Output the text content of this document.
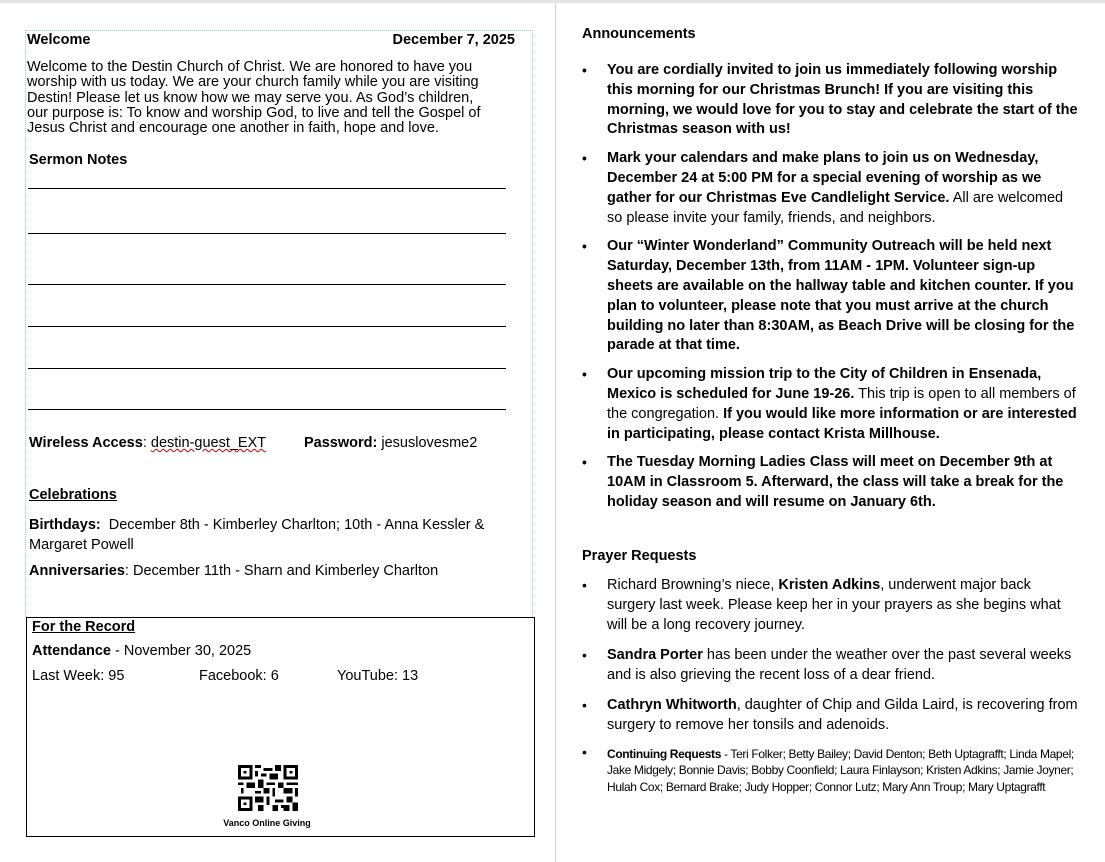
Welcome	December 7, 2025
Welcome to the Destin Church of Christ. We are honored to have you
worship with us today. We are your church family while you are visiting
Destin! Please let us know how we may serve you. As God’s children,
our purpose is: To know and worship God, to live and tell the Gospel of
Jesus Christ and encourage one another in faith, hope and love.
Sermon Notes
Wireless Access: destin-guest_EXT	Password: jesuslovesme2
Celebrations
Birthdays:  December 8th - Kimberley Charlton; 10th - Anna Kessler &
Margaret Powell
Anniversaries: December 11th - Sharn and Kimberley Charlton
For the Record
Attendance - November 30, 2025
Last Week: 95	Facebook: 6	YouTube: 13
Vanco Online Giving
Announcements
• You are cordially invited to join us immediately following worship this morning for our Christmas Brunch! If you are visiting this morning, we would love for you to stay and celebrate the start of the Christmas season with us!
• Mark your calendars and make plans to join us on Wednesday, December 24 at 5:00 PM for a special evening of worship as we gather for our Christmas Eve Candlelight Service. All are welcomed so please invite your family, friends, and neighbors.
• Our “Winter Wonderland” Community Outreach will be held next Saturday, December 13th, from 11AM - 1PM. Volunteer sign-up sheets are available on the hallway table and kitchen counter. If you plan to volunteer, please note that you must arrive at the church building no later than 8:30AM, as Beach Drive will be closing for the parade at that time.
• Our upcoming mission trip to the City of Children in Ensenada, Mexico is scheduled for June 19-26. This trip is open to all members of the congregation. If you would like more information or are interested in participating, please contact Krista Millhouse.
• The Tuesday Morning Ladies Class will meet on December 9th at 10AM in Classroom 5. Afterward, the class will take a break for the holiday season and will resume on January 6th.
Prayer Requests
• Richard Browning’s niece, Kristen Adkins, underwent major back surgery last week. Please keep her in your prayers as she begins what will be a long recovery journey.
• Sandra Porter has been under the weather over the past several weeks and is also grieving the recent loss of a dear friend.
• Cathryn Whitworth, daughter of Chip and Gilda Laird, is recovering from surgery to remove her tonsils and adenoids.
• Continuing Requests - Teri Folker; Betty Bailey; David Denton; Beth Uptagrafft; Linda Mapel; Jake Midgely; Bonnie Davis; Bobby Coonfield; Laura Finlayson; Kristen Adkins; Jamie Joyner; Hulah Cox; Bernard Brake; Judy Hopper; Connor Lutz; Mary Ann Troup; Mary Uptagrafft
